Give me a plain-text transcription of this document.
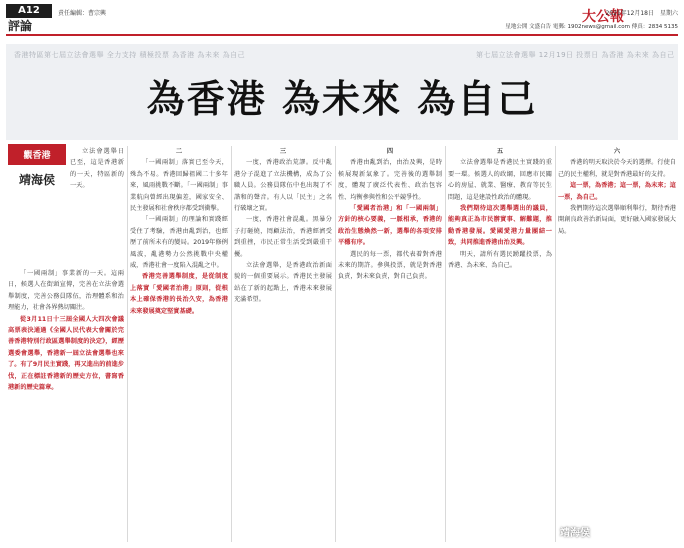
A12
評論
責任編輯：曹宗興	大公報
2021年12月18日　星期六
星地公開 文盛白告 電郵: 1902news@gmail.com 傳真：2834 5135
香港特區第七屆立法會選舉 全力支持 積極投票 為香港 為未來 為自己	第七屆立法會選舉 12月19日 投票日 為香港 為未來 為自己
為香港 為未來 為自己
觀香港
靖海侯

立法會選舉日已至，這是香港新的一天，特區新的一天。

「一國兩制」事業新的一天。這兩日，候選人在街頭宣傳，完善在立法會選舉制度，完善公務員隊伍，治理體系和治理能力，社會各界熱切關注。

從3月11日十三屆全國人大四次會議高票表決通過《全國人民代表大會關於完善香港特別行政區選舉制度的決定》，經歷選委會選舉，香港新一屆立法會選舉也來了。有了9月民主實踐，再又進出的前進步伐，正在標註香港新的歷史方位，書寫香港新的歷史篇章。

二

「一國兩制」落實已至今天，殊為不易。香港回歸祖國二十多年來，風雨挑戰不斷。「一國兩制」事業航向曾經出現偏差，國家安全、民主發展和社會秩序都受到衝擊。

「一國兩制」的理論和實踐經受住了考驗，香港由亂到治，也經歷了前所未有的變局。2019年修例風波，亂港勢力公然挑戰中央權威，香港社會一度陷入混亂之中。

香港完善選舉制度，是從制度上落實「愛國者治港」原則，從根本上確保香港的長治久安，為香港未來發展奠定堅實基礎。

三

一度，香港政治荒謬。反中亂港分子混進了立法機構，成為了公職人員。公務員隊伍中也出現了不諧和的聲音。有人以「民主」之名行破壞之實。

一度，香港社會混亂。黑暴分子打砸燒，罔顧法治，香港經濟受到重挫，市民正常生活受到嚴重干擾。

立法會選舉，是香港政治新面貌的一個重要展示。香港民主發展站在了新的起點上，香港未來發展充滿希望。

四

香港由亂到治，由治及興，是時候展現新氣象了。完善後的選舉制度，體現了廣泛代表性、政治包容性、均衡參與性和公平競爭性。

「愛國者治港」和「一國兩制」方針的核心要義，一脈相承，香港的政治生態煥然一新，選舉的各項安排平穩有序。

選民的每一票，都代表着對香港未來的期許。參與投票，就是對香港負責，對未來負責，對自己負責。

五

立法會選舉是香港民主實踐的重要一環。候選人的政綱，回應市民關心的房屋、就業、醫療、教育等民生問題，這是建設性政治的體現。

我們期待這次選舉選出的議員，能夠真正為市民辦實事、解難題，推動香港發展。愛國愛港力量團結一致，共同推進香港由治及興。

明天，請所有選民踴躍投票，為香港、為未來、為自己。

六

香港的明天取決於今天的選擇。行使自己的民主權利，就是對香港最好的支持。

這一票，為香港；這一票，為未來；這一票，為自己。

我們期待這次選舉順利舉行，期待香港開創良政善治新局面，更好融入國家發展大局。

靖海侯
